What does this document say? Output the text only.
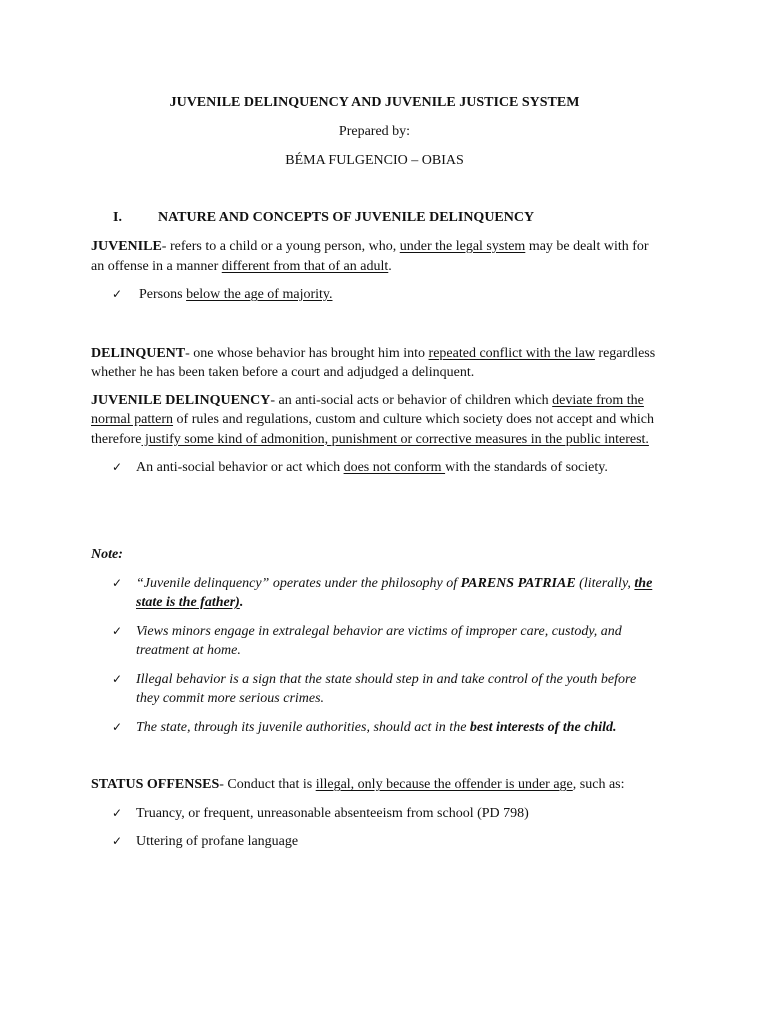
JUVENILE DELINQUENCY AND JUVENILE JUSTICE SYSTEM
Prepared by:
BÉMA FULGENCIO – OBIAS
I.	NATURE AND CONCEPTS OF JUVENILE DELINQUENCY

JUVENILE- refers to a child or a young person, who, under the legal system may be dealt with for an offense in a manner different from that of an adult.

✓ Persons below the age of majority.

DELINQUENT- one whose behavior has brought him into repeated conflict with the law regardless whether he has been taken before a court and adjudged a delinquent.

JUVENILE DELINQUENCY- an anti-social acts or behavior of children which deviate from the normal pattern of rules and regulations, custom and culture which society does not accept and which therefore justify some kind of admonition, punishment or corrective measures in the public interest.

✓ An anti-social behavior or act which does not conform with the standards of society.
Note:
✓ “Juvenile delinquency” operates under the philosophy of PARENS PATRIAE (literally, the state is the father).
✓ Views minors engage in extralegal behavior are victims of improper care, custody, and treatment at home.
✓ Illegal behavior is a sign that the state should step in and take control of the youth before they commit more serious crimes.
✓ The state, through its juvenile authorities, should act in the best interests of the child.

STATUS OFFENSES- Conduct that is illegal, only because the offender is under age, such as:

✓ Truancy, or frequent, unreasonable absenteeism from school (PD 798)
✓ Uttering of profane language
